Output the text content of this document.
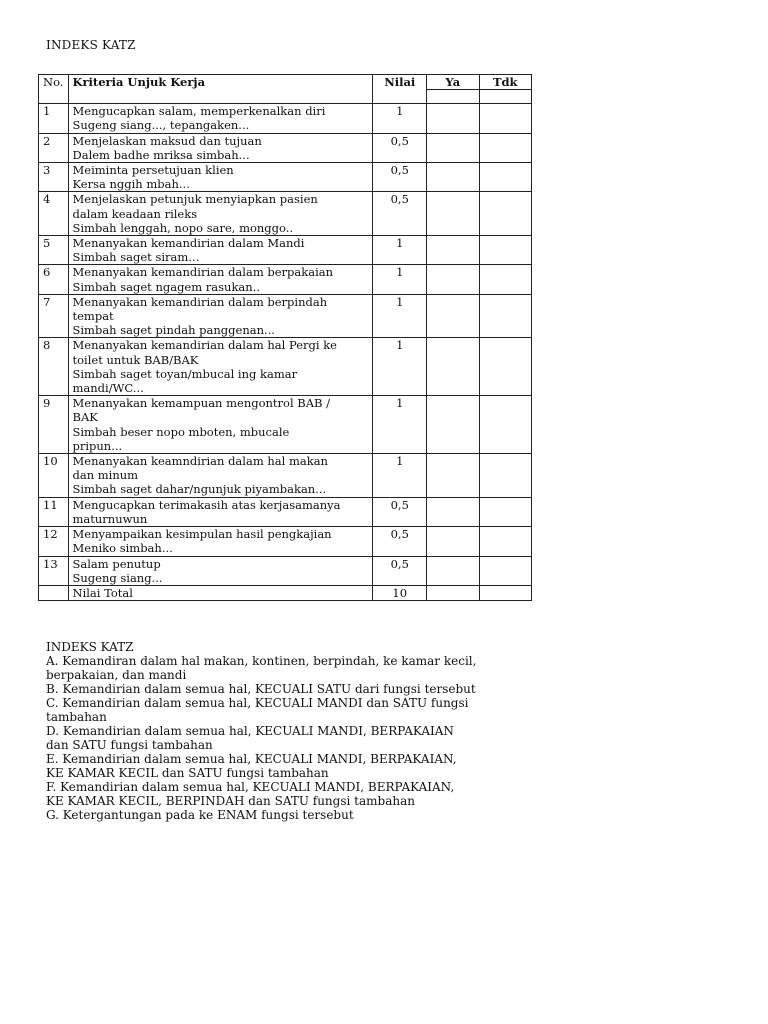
INDEKS KATZ
No.	Kriteria Unjuk Kerja	Nilai	Ya	Tdk

1	Mengucapkan salam, memperkenalkan diri
Sugeng siang..., tepangaken...	1		
2	Menjelaskan maksud dan tujuan
Dalem badhe mriksa simbah...	0,5		
3	Meiminta persetujuan klien
Kersa nggih mbah...	0,5		
4	Menjelaskan petunjuk menyiapkan pasien
dalam keadaan rileks
Simbah lenggah, nopo sare, monggo..	0,5		
5	Menanyakan kemandirian dalam Mandi
Simbah saget siram...	1		
6	Menanyakan kemandirian dalam berpakaian
Simbah saget ngagem rasukan..	1		
7	Menanyakan kemandirian dalam berpindah
tempat
Simbah saget pindah panggenan...	1		
8	Menanyakan kemandirian dalam hal Pergi ke
toilet untuk BAB/BAK
Simbah saget toyan/mbucal ing kamar
mandi/WC...	1		
9	Menanyakan kemampuan mengontrol BAB /
BAK
Simbah beser nopo mboten, mbucale
pripun...	1		
10	Menanyakan keamndirian dalam hal makan
dan minum
Simbah saget dahar/ngunjuk piyambakan...	1		
11	Mengucapkan terimakasih atas kerjasamanya
maturnuwun	0,5		
12	Menyampaikan kesimpulan hasil pengkajian
Meniko simbah...	0,5		
13	Salam penutup
Sugeng siang...	0,5		
	Nilai Total	10		
INDEKS KATZ
A. Kemandiran dalam hal makan, kontinen, berpindah, ke kamar kecil,
berpakaian, dan mandi
B. Kemandirian dalam semua hal, KECUALI SATU dari fungsi tersebut
C. Kemandirian dalam semua hal, KECUALI MANDI dan SATU fungsi
tambahan
D. Kemandirian dalam semua hal, KECUALI MANDI, BERPAKAIAN
dan SATU fungsi tambahan
E. Kemandirian dalam semua hal, KECUALI MANDI, BERPAKAIAN,
KE KAMAR KECIL dan SATU fungsi tambahan
F. Kemandirian dalam semua hal, KECUALI MANDI, BERPAKAIAN,
KE KAMAR KECIL, BERPINDAH dan SATU fungsi tambahan
G. Ketergantungan pada ke ENAM fungsi tersebut
